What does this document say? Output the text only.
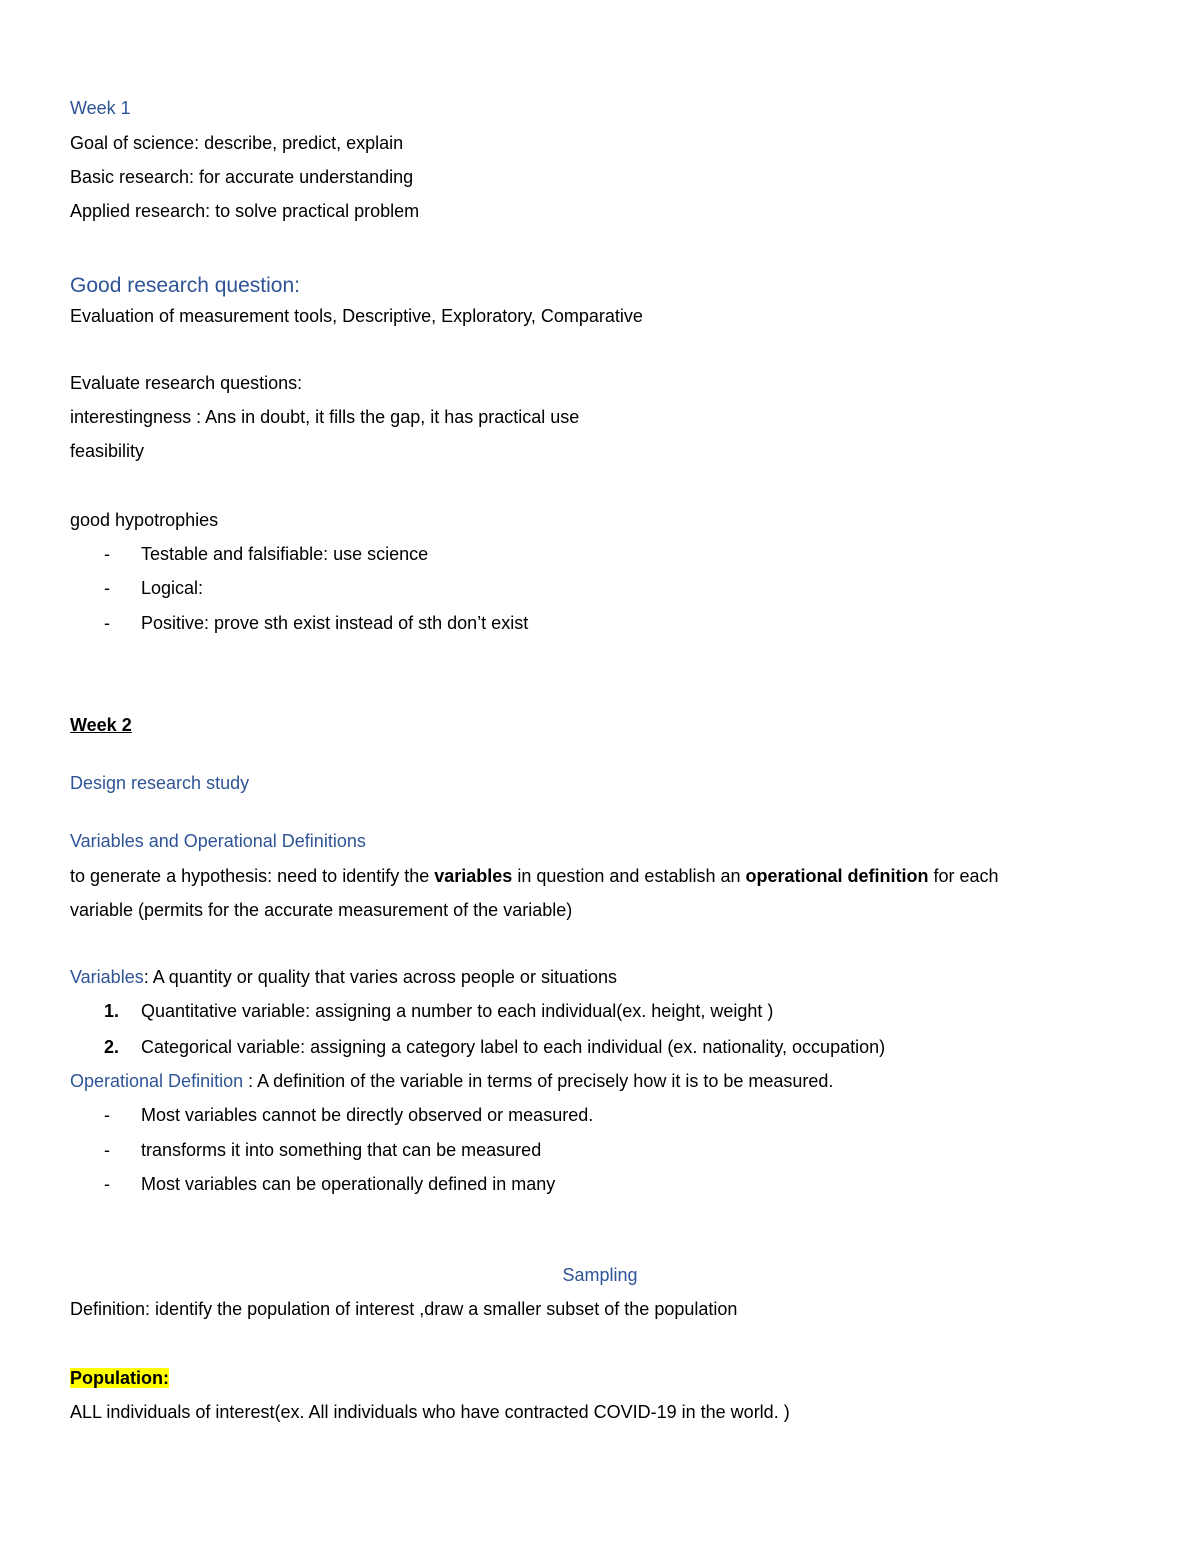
Week 1
Goal of science: describe, predict, explain
Basic research: for accurate understanding
Applied research: to solve practical problem
Good research question:
Evaluation of measurement tools, Descriptive, Exploratory, Comparative
Evaluate research questions:
interestingness : Ans in doubt, it fills the gap, it has practical use
feasibility
good hypotrophies
- Testable and falsifiable: use science
- Logical:
- Positive: prove sth exist instead of sth don’t exist
Week 2
Design research study
Variables and Operational Definitions
to generate a hypothesis: need to identify the variables in question and establish an operational definition for each
variable (permits for the accurate measurement of the variable)
Variables: A quantity or quality that varies across people or situations
1. Quantitative variable: assigning a number to each individual(ex. height, weight )
2. Categorical variable: assigning a category label to each individual (ex. nationality, occupation)
Operational Definition : A definition of the variable in terms of precisely how it is to be measured.
- Most variables cannot be directly observed or measured.
- transforms it into something that can be measured
- Most variables can be operationally defined in many
Sampling
Definition: identify the population of interest ,draw a smaller subset of the population
Population:
ALL individuals of interest(ex. All individuals who have contracted COVID-19 in the world. )
